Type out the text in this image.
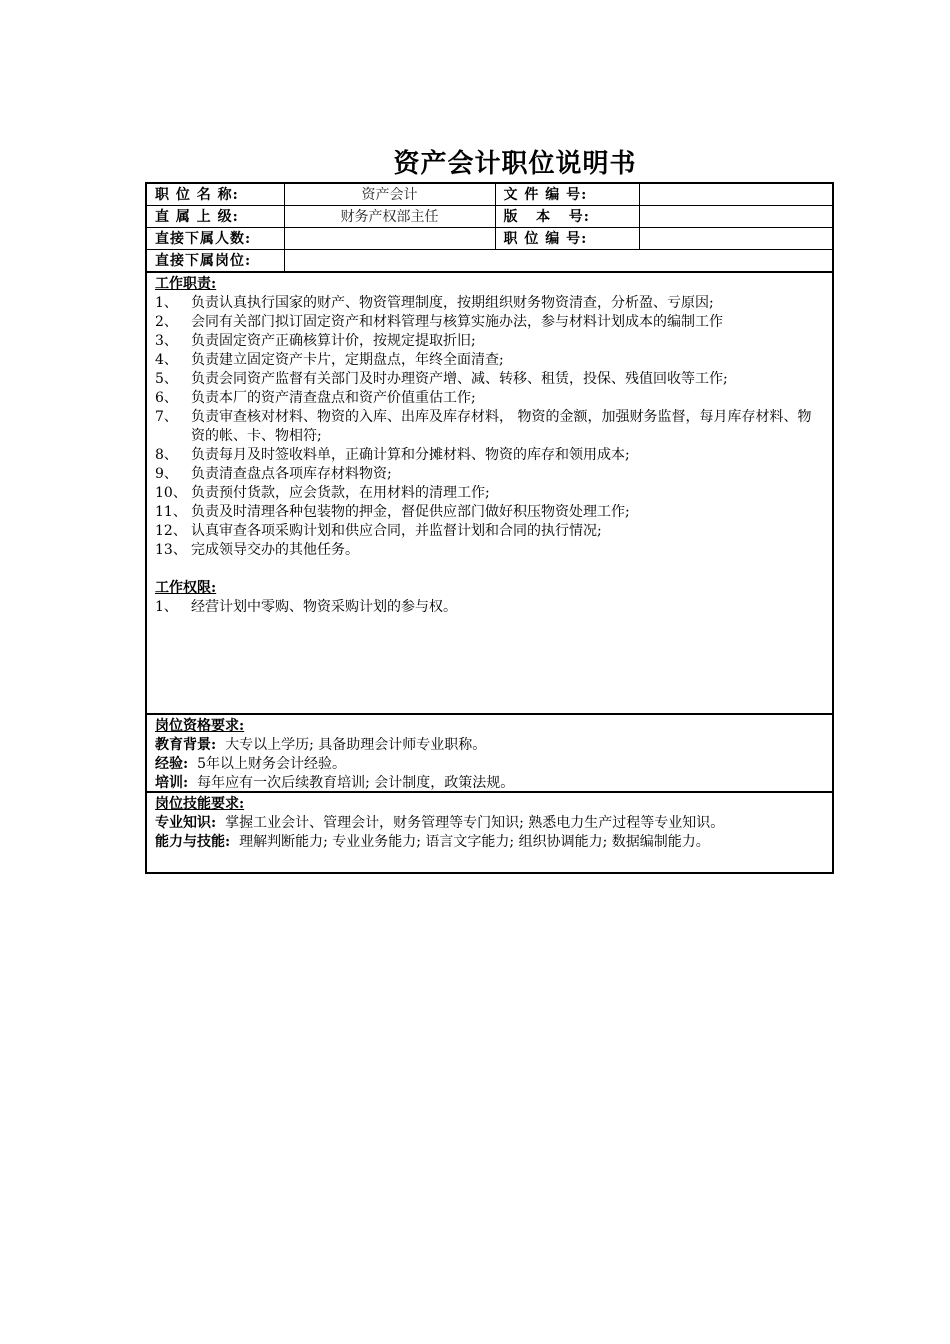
资产会计职位说明书
职 位 名 称:	资产会计	文 件 编 号:	
直 属 上 级:	财务产权部主任	版   本   号:	
直接下属人数:		职 位 编 号:	
直接下属岗位:			
工作职责:
1、 负责认真执行国家的财产、物资管理制度，按期组织财务物资清查，分析盈、亏原因;
2、 会同有关部门拟订固定资产和材料管理与核算实施办法，参与材料计划成本的编制工作
3、 负责固定资产正确核算计价，按规定提取折旧;
4、 负责建立固定资产卡片，定期盘点，年终全面清查;
5、 负责会同资产监督有关部门及时办理资产增、减、转移、租赁，投保、残值回收等工作;
6、 负责本厂的资产清查盘点和资产价值重估工作;
7、 负责审查核对材料、物资的入库、出库及库存材料， 物资的金额，加强财务监督，每月库存材料、物资的帐、卡、物相符;
8、 负责每月及时签收料单，正确计算和分摊材料、物资的库存和领用成本;
9、 负责清查盘点各项库存材料物资;
10、 负责预付货款，应会货款，在用材料的清理工作;
11、 负责及时清理各种包装物的押金，督促供应部门做好积压物资处理工作;
12、 认真审查各项采购计划和供应合同，并监督计划和合同的执行情况;
13、 完成领导交办的其他任务。
工作权限:
1、 经营计划中零购、物资采购计划的参与权。
岗位资格要求:
教育背景: 大专以上学历; 具备助理会计师专业职称。
经验: 5年以上财务会计经验。
培训: 每年应有一次后续教育培训; 会计制度，政策法规。
岗位技能要求:
专业知识: 掌握工业会计、管理会计，财务管理等专门知识; 熟悉电力生产过程等专业知识。
能力与技能: 理解判断能力; 专业业务能力; 语言文字能力; 组织协调能力; 数据编制能力。
